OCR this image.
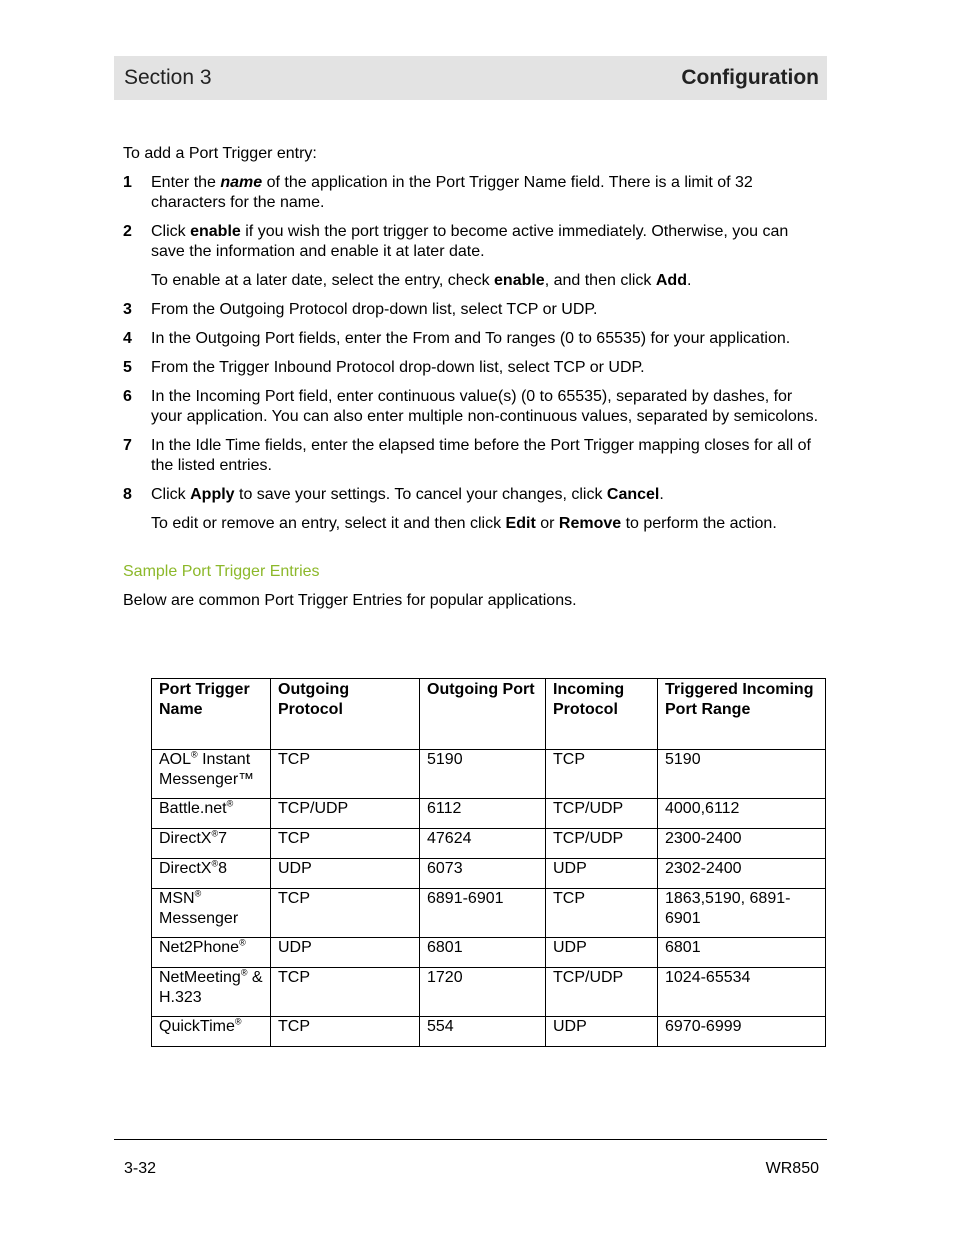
Section 3	Configuration

To add a Port Trigger entry:

1 Enter the name of the application in the Port Trigger Name field. There is a limit of 32 characters for the name.
2 Click enable if you wish the port trigger to become active immediately. Otherwise, you can save the information and enable it at later date.
To enable at a later date, select the entry, check enable, and then click Add.
3 From the Outgoing Protocol drop-down list, select TCP or UDP.
4 In the Outgoing Port fields, enter the From and To ranges (0 to 65535) for your application.
5 From the Trigger Inbound Protocol drop-down list, select TCP or UDP.
6 In the Incoming Port field, enter continuous value(s) (0 to 65535), separated by dashes, for your application. You can also enter multiple non-continuous values, separated by semicolons.
7 In the Idle Time fields, enter the elapsed time before the Port Trigger mapping closes for all of the listed entries.
8 Click Apply to save your settings. To cancel your changes, click Cancel.
To edit or remove an entry, select it and then click Edit or Remove to perform the action.
Sample Port Trigger Entries

Below are common Port Trigger Entries for popular applications.

Port Trigger Name	Outgoing Protocol	Outgoing Port	Incoming Protocol	Triggered Incoming Port Range
AOL® Instant Messenger™	TCP	5190	TCP	5190
Battle.net®	TCP/UDP	6112	TCP/UDP	4000,6112
DirectX®7	TCP	47624	TCP/UDP	2300-2400
DirectX®8	UDP	6073	UDP	2302-2400
MSN® Messenger	TCP	6891-6901	TCP	1863,5190, 6891-6901
Net2Phone®	UDP	6801	UDP	6801
NetMeeting® & H.323	TCP	1720	TCP/UDP	1024-65534
QuickTime®	TCP	554	UDP	6970-6999
3-32	WR850
